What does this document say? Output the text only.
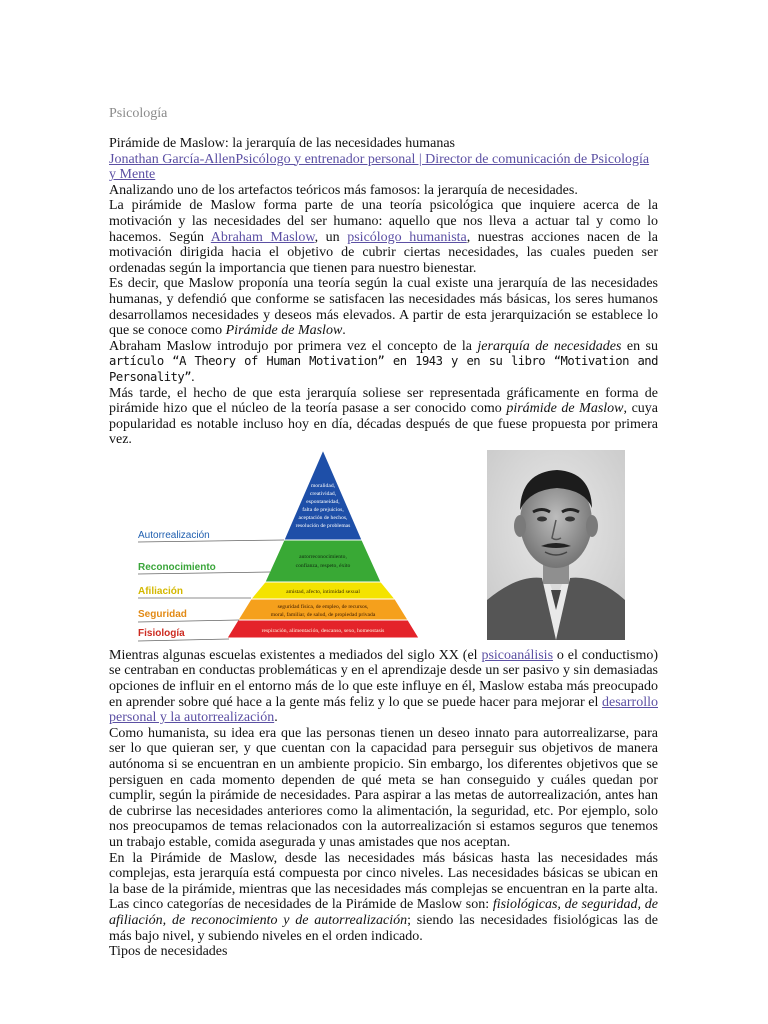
Psicología

Pirámide de Maslow: la jerarquía de las necesidades humanas

Jonathan García-AllenPsicólogo y entrenador personal | Director de comunicación de Psicología y Mente

Analizando uno de los artefactos teóricos más famosos: la jerarquía de necesidades.

La pirámide de Maslow forma parte de una teoría psicológica que inquiere acerca de la motivación y las necesidades del ser humano: aquello que nos lleva a actuar tal y como lo hacemos. Según Abraham Maslow, un psicólogo humanista, nuestras acciones nacen de la motivación dirigida hacia el objetivo de cubrir ciertas necesidades, las cuales pueden ser ordenadas según la importancia que tienen para nuestro bienestar.

Es decir, que Maslow proponía una teoría según la cual existe una jerarquía de las necesidades humanas, y defendió que conforme se satisfacen las necesidades más básicas, los seres humanos desarrollamos necesidades y deseos más elevados. A partir de esta jerarquización se establece lo que se conoce como Pirámide de Maslow.

Abraham Maslow introdujo por primera vez el concepto de la jerarquía de necesidades en su artículo “A Theory of Human Motivation” en 1943 y en su libro “Motivation and Personality”.

Más tarde, el hecho de que esta jerarquía soliese ser representada gráficamente en forma de pirámide hizo que el núcleo de la teoría pasase a ser conocido como pirámide de Maslow, cuya popularidad es notable incluso hoy en día, décadas después de que fuese propuesta por primera vez.

Autorrealización
Reconocimiento
Afiliación
Seguridad
Fisiología
moralidad,
creatividad,
espontaneidad,
falta de prejuicios,
aceptación de hechos,
resolución de problemas
autorreconocimiento,
confianza, respeto, éxito
amistad, afecto, intimidad sexual
seguridad física, de empleo, de recursos,
moral, familiar, de salud, de propiedad privada
respiración, alimentación, descanso, sexo, homeostasis

Mientras algunas escuelas existentes a mediados del siglo XX (el psicoanálisis o el conductismo) se centraban en conductas problemáticas y en el aprendizaje desde un ser pasivo y sin demasiadas opciones de influir en el entorno más de lo que este influye en él, Maslow estaba más preocupado en aprender sobre qué hace a la gente más feliz y lo que se puede hacer para mejorar el desarrollo personal y la autorrealización.

Como humanista, su idea era que las personas tienen un deseo innato para autorrealizarse, para ser lo que quieran ser, y que cuentan con la capacidad para perseguir sus objetivos de manera autónoma si se encuentran en un ambiente propicio. Sin embargo, los diferentes objetivos que se persiguen en cada momento dependen de qué meta se han conseguido y cuáles quedan por cumplir, según la pirámide de necesidades. Para aspirar a las metas de autorrealización, antes han de cubrirse las necesidades anteriores como la alimentación, la seguridad, etc. Por ejemplo, solo nos preocupamos de temas relacionados con la autorrealización si estamos seguros que tenemos un trabajo estable, comida asegurada y unas amistades que nos aceptan.

En la Pirámide de Maslow, desde las necesidades más básicas hasta las necesidades más complejas, esta jerarquía está compuesta por cinco niveles. Las necesidades básicas se ubican en la base de la pirámide, mientras que las necesidades más complejas se encuentran en la parte alta. Las cinco categorías de necesidades de la Pirámide de Maslow son: fisiológicas, de seguridad, de afiliación, de reconocimiento y de autorrealización; siendo las necesidades fisiológicas las de más bajo nivel, y subiendo niveles en el orden indicado.

Tipos de necesidades
